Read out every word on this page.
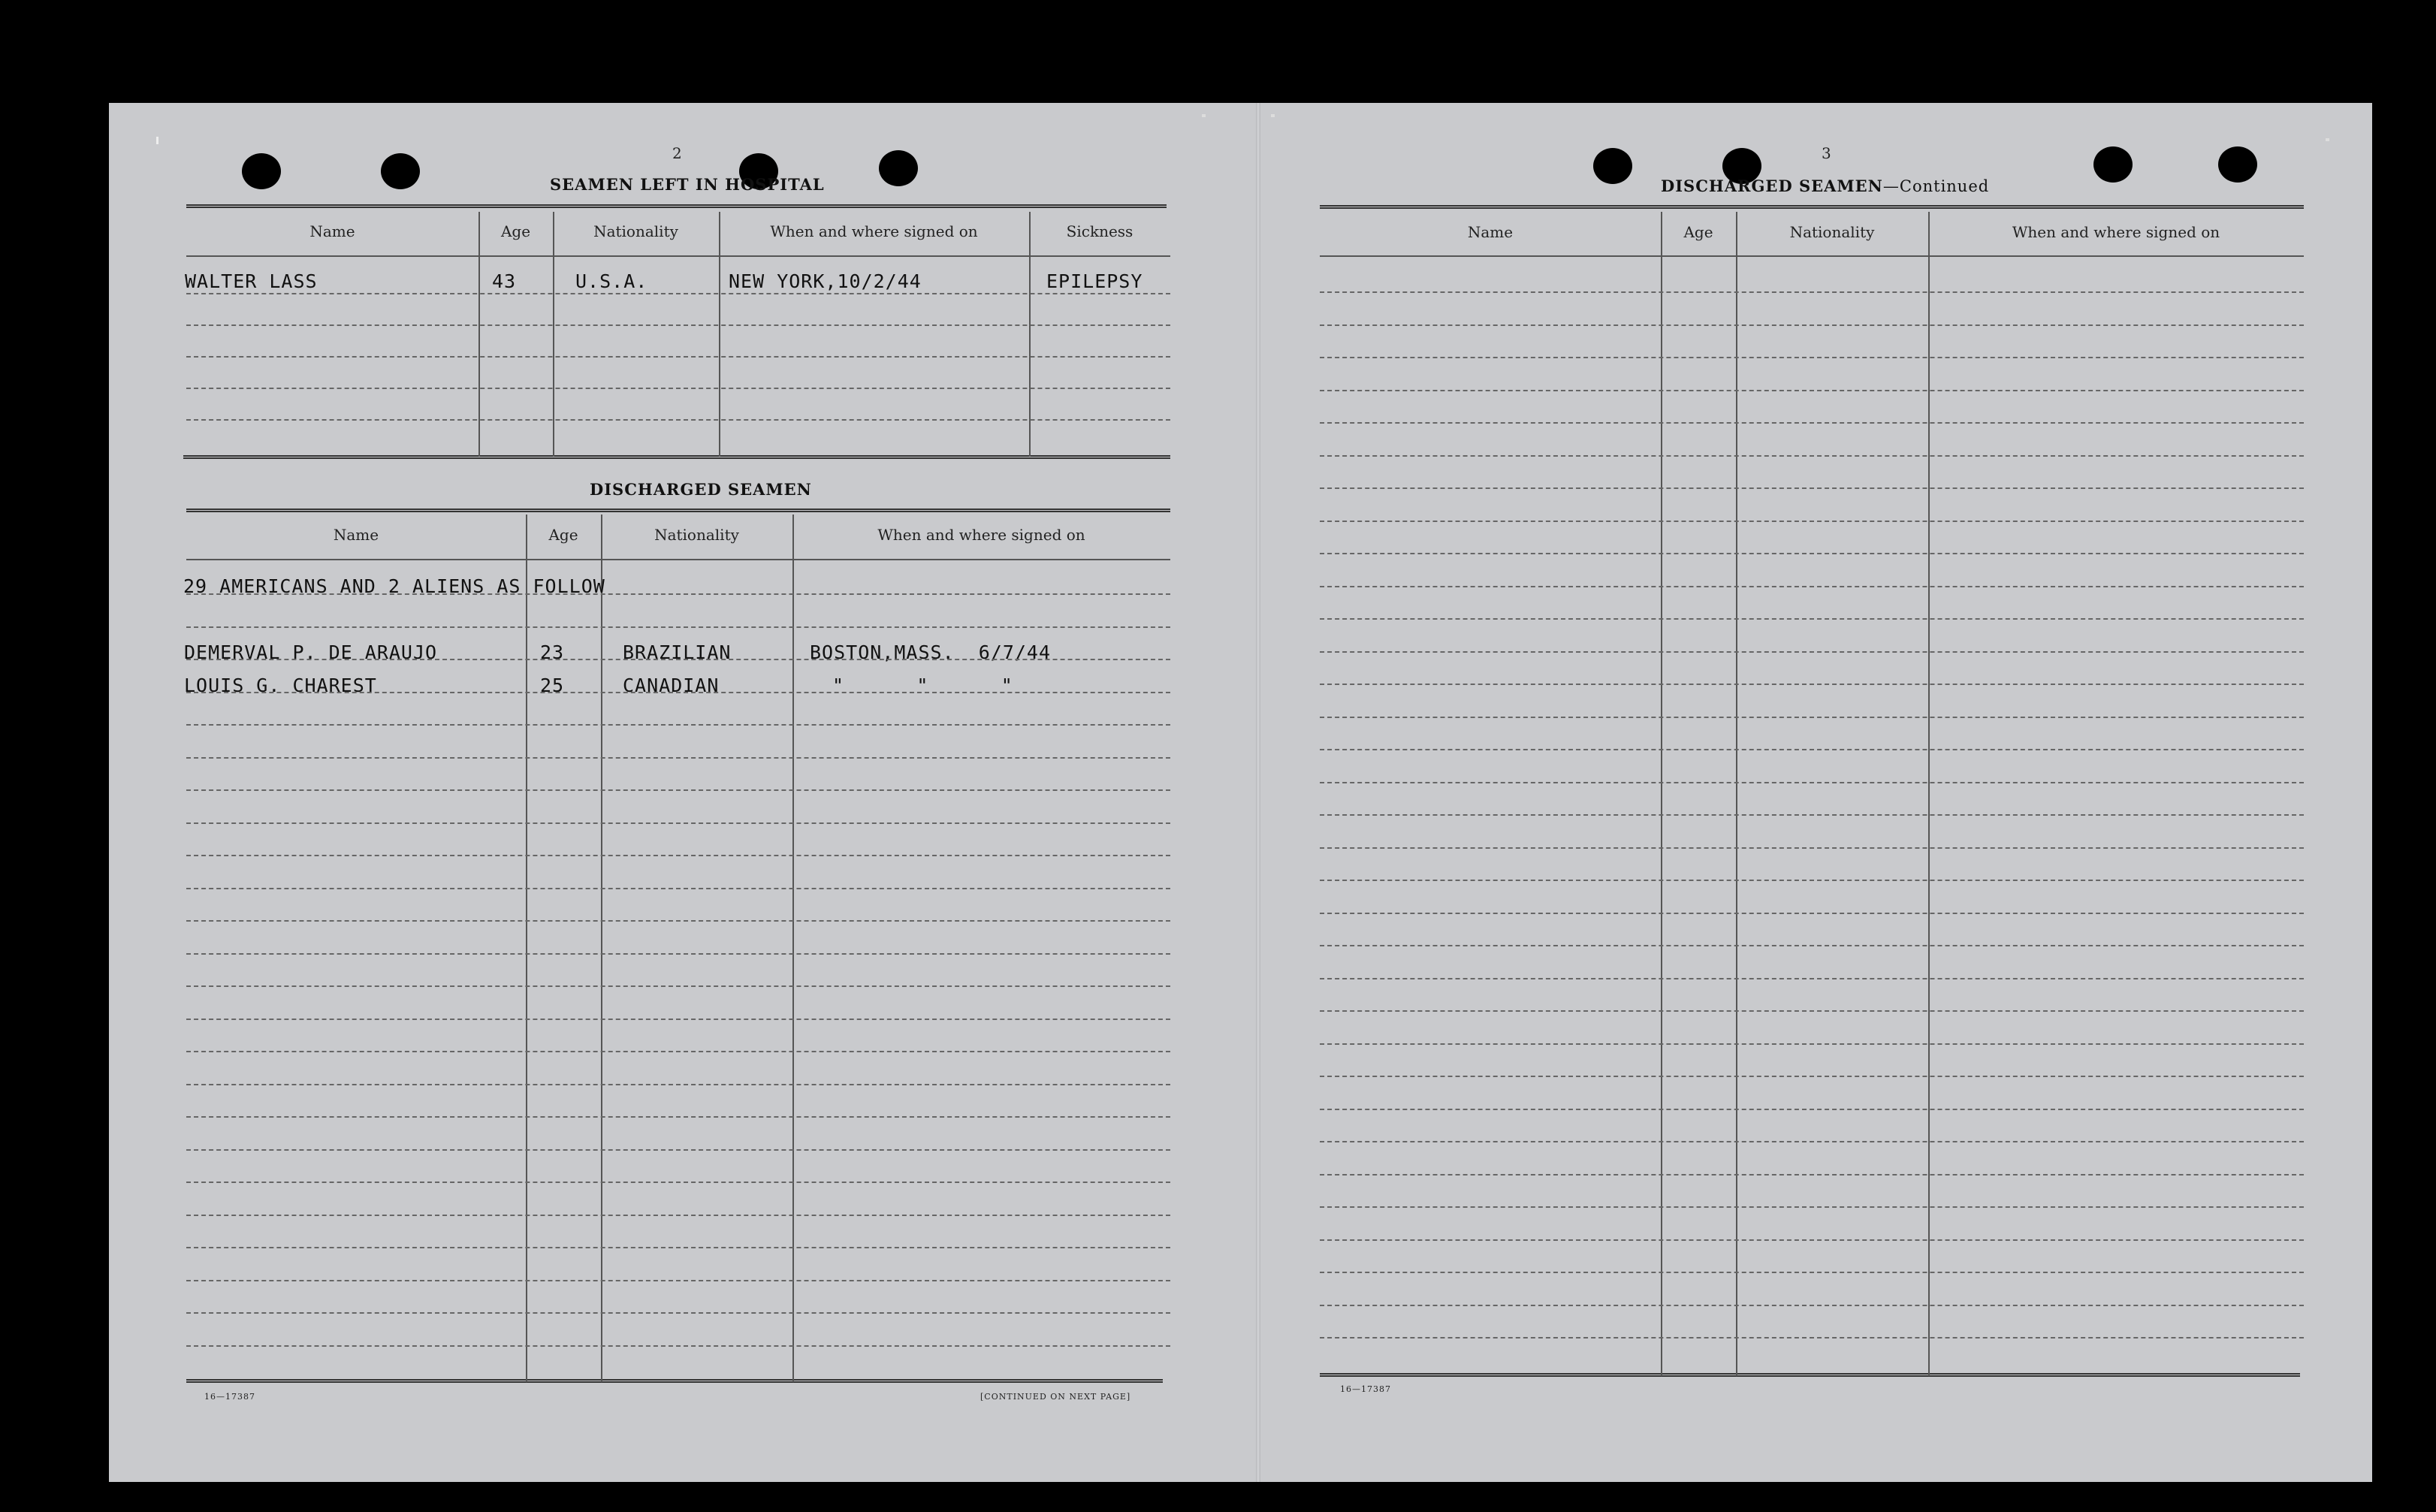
2
SEAMEN LEFT IN HOSPITAL
Name	Age	Nationality	When and where signed on	Sickness
WALTER LASS	43	U.S.A.	NEW YORK,10/2/44	EPILEPSY
DISCHARGED SEAMEN
Name	Age	Nationality	When and where signed on
29 AMERICANS AND 2 ALIENS AS FOLLOW
DEMERVAL P. DE ARAUJO	23	BRAZILIAN	BOSTON,MASS.  6/7/44
LOUIS G. CHAREST	25	CANADIAN	"      "      "
16—17387	[CONTINUED ON NEXT PAGE]
3
DISCHARGED SEAMEN—Continued
Name	Age	Nationality	When and where signed on
16—17387
